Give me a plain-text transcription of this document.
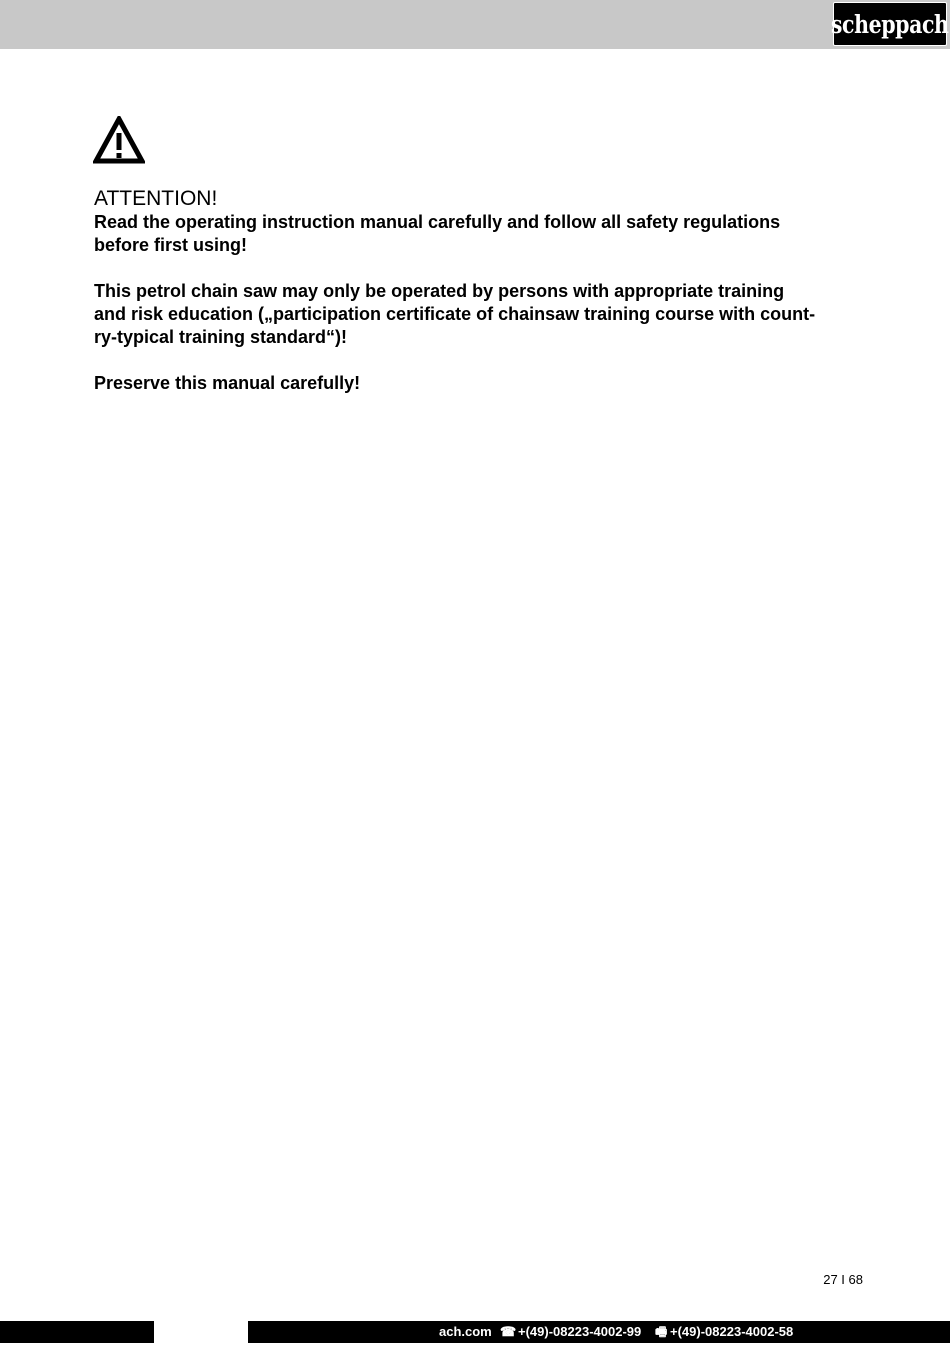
scheppach

ATTENTION!

Read the operating instruction manual carefully and follow all safety regulations

before first using!

This petrol chain saw may only be operated by persons with appropriate training

and risk education („participation certificate of chainsaw training course with count-

ry-typical training standard“)!

Preserve this manual carefully!

27 I 68
ach.com ☎ +(49)-08223-4002-99 🖷 +(49)-08223-4002-58
